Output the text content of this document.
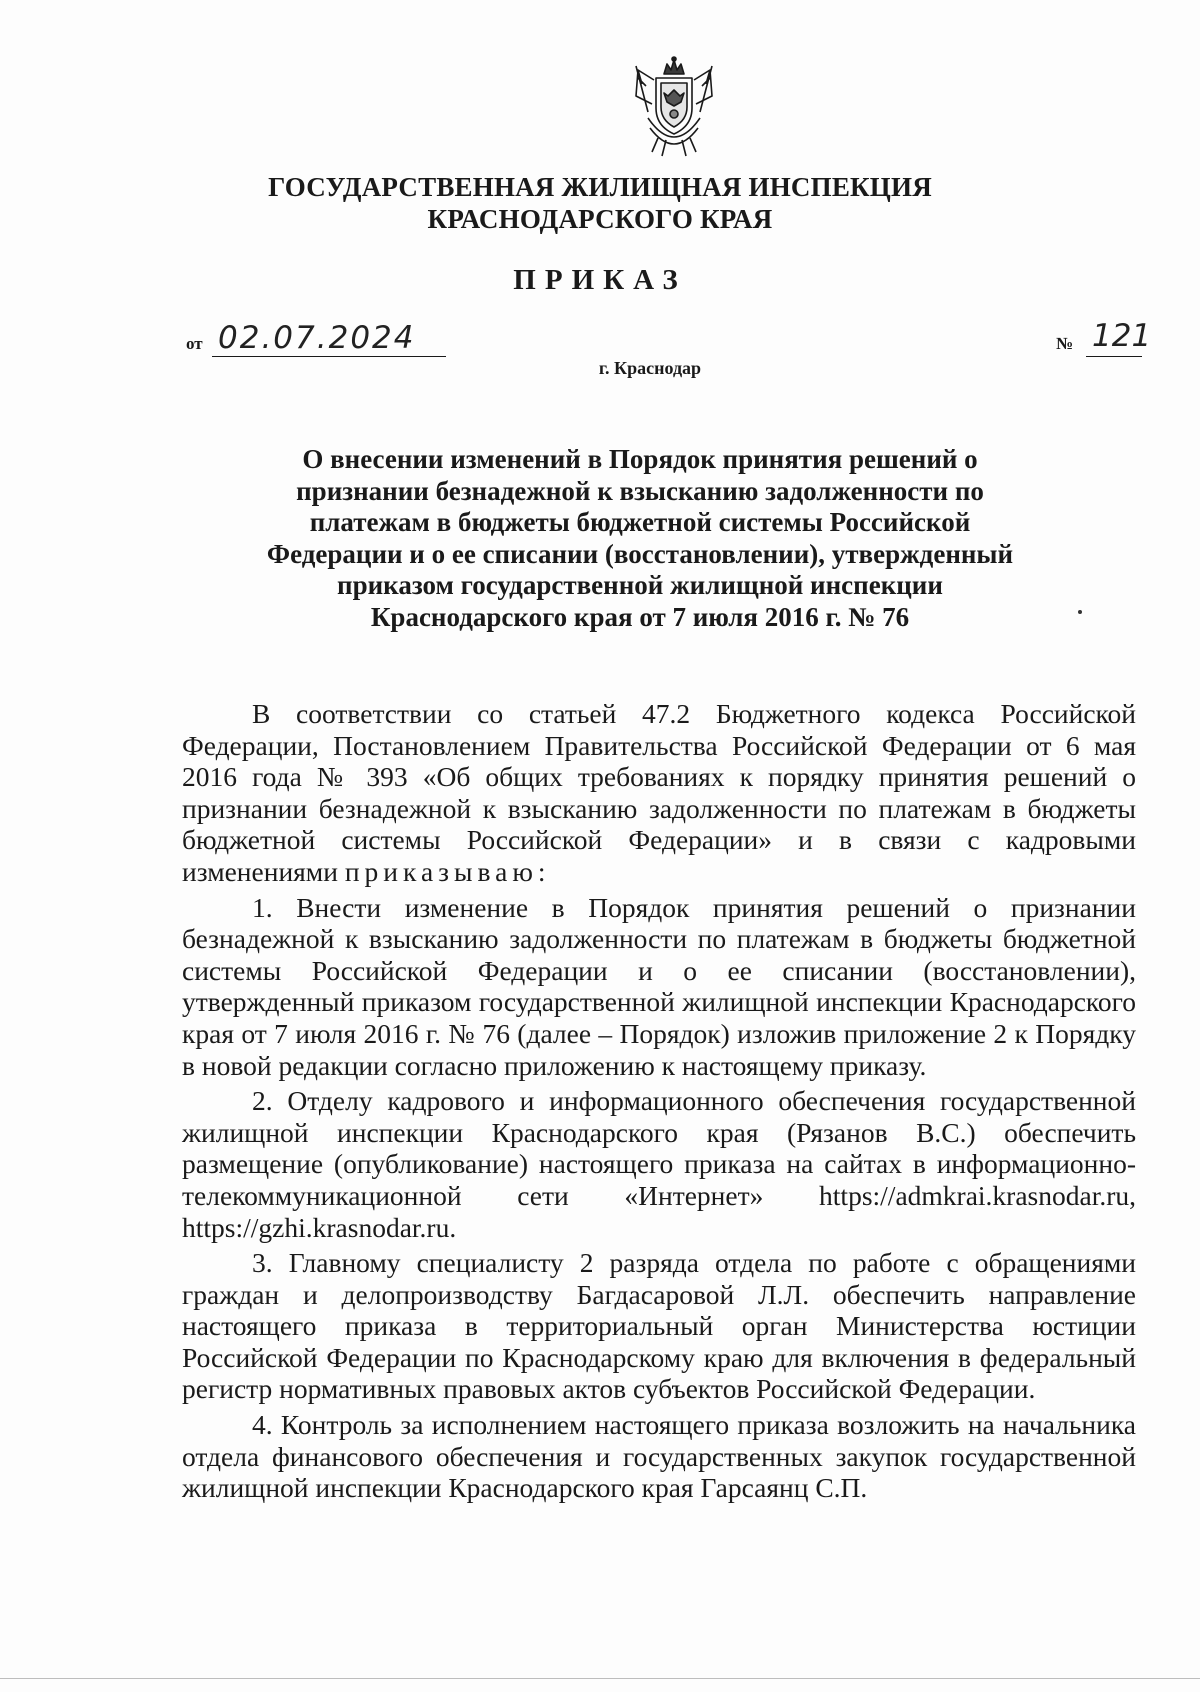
ГОСУДАРСТВЕННАЯ ЖИЛИЩНАЯ ИНСПЕКЦИЯ
КРАСНОДАРСКОГО КРАЯ
ПРИКАЗ
от 02.07.2024	№ 121
г. Краснодар
О внесении изменений в Порядок принятия решений о
признании безнадежной к взысканию задолженности по
платежам в бюджеты бюджетной системы Российской
Федерации и о ее списании (восстановлении), утвержденный
приказом государственной жилищной инспекции
Краснодарского края от 7 июля 2016 г. № 76

В соответствии со статьей 47.2 Бюджетного кодекса Российской Федерации, Постановлением Правительства Российской Федерации от 6 мая 2016 года № 393 «Об общих требованиях к порядку принятия решений о признании безнадежной к взысканию задолженности по платежам в бюджеты бюджетной системы Российской Федерации» и в связи с кадровыми изменениями приказываю:

1. Внести изменение в Порядок принятия решений о признании безнадежной к взысканию задолженности по платежам в бюджеты бюджетной системы Российской Федерации и о ее списании (восстановлении), утвержденный приказом государственной жилищной инспекции Краснодарского края от 7 июля 2016 г. № 76 (далее – Порядок) изложив приложение 2 к Порядку в новой редакции согласно приложению к настоящему приказу.

2. Отделу кадрового и информационного обеспечения государственной жилищной инспекции Краснодарского края (Рязанов В.С.) обеспечить размещение (опубликование) настоящего приказа на сайтах в информационно-телекоммуникационной сети «Интернет» https://admkrai.krasnodar.ru, https://gzhi.krasnodar.ru.

3. Главному специалисту 2 разряда отдела по работе с обращениями граждан и делопроизводству Багдасаровой Л.Л. обеспечить направление настоящего приказа в территориальный орган Министерства юстиции Российской Федерации по Краснодарскому краю для включения в федеральный регистр нормативных правовых актов субъектов Российской Федерации.

4. Контроль за исполнением настоящего приказа возложить на начальника отдела финансового обеспечения и государственных закупок государственной жилищной инспекции Краснодарского края Гарсаянц С.П.
